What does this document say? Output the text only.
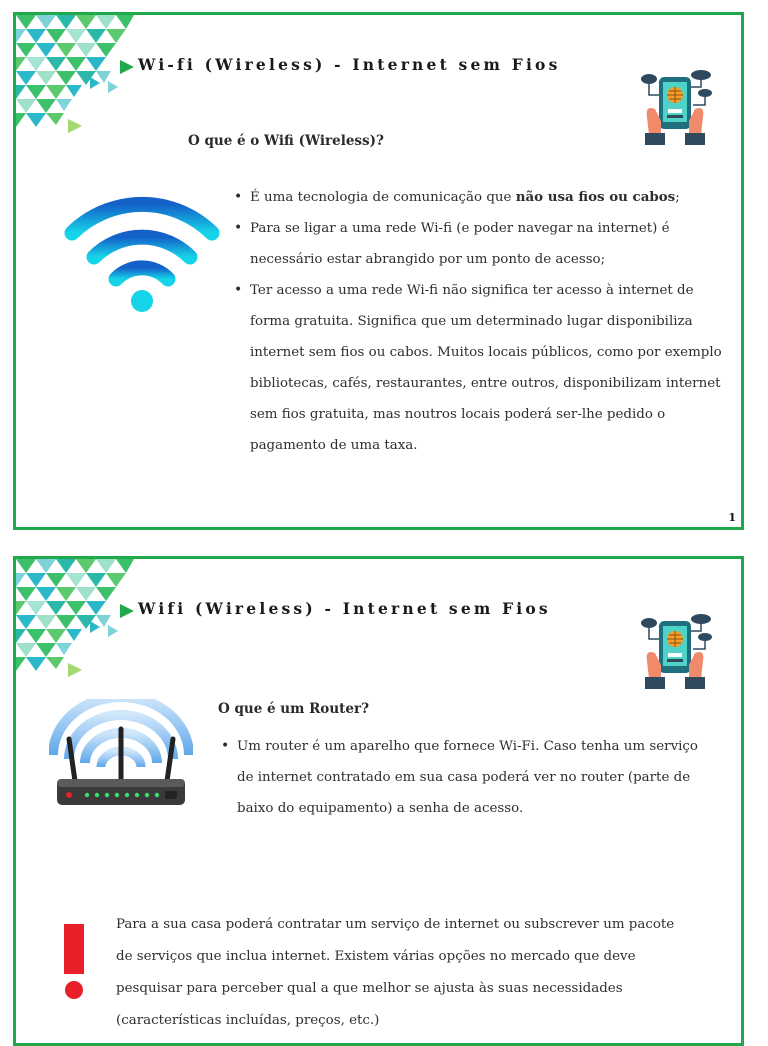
Wi-fi (Wireless) - Internet sem Fios
O que é o Wifi (Wireless)?
• É uma tecnologia de comunicação que não usa fios ou cabos;
• Para se ligar a uma rede Wi-fi (e poder navegar na internet) é necessário estar abrangido por um ponto de acesso;
• Ter acesso a uma rede Wi-fi não significa ter acesso à internet de forma gratuita. Significa que um determinado lugar disponibiliza internet sem fios ou cabos. Muitos locais públicos, como por exemplo bibliotecas, cafés, restaurantes, entre outros, disponibilizam internet sem fios gratuita, mas noutros locais poderá ser-lhe pedido o pagamento de uma taxa.
1
Wifi (Wireless) - Internet sem Fios
O que é um Router?
• Um router é um aparelho que fornece Wi-Fi. Caso tenha um serviço de internet contratado em sua casa poderá ver no router (parte de baixo do equipamento) a senha de acesso.
Para a sua casa poderá contratar um serviço de internet ou subscrever um pacote de serviços que inclua internet. Existem várias opções no mercado que deve pesquisar para perceber qual a que melhor se ajusta às suas necessidades (características incluídas, preços, etc.)
